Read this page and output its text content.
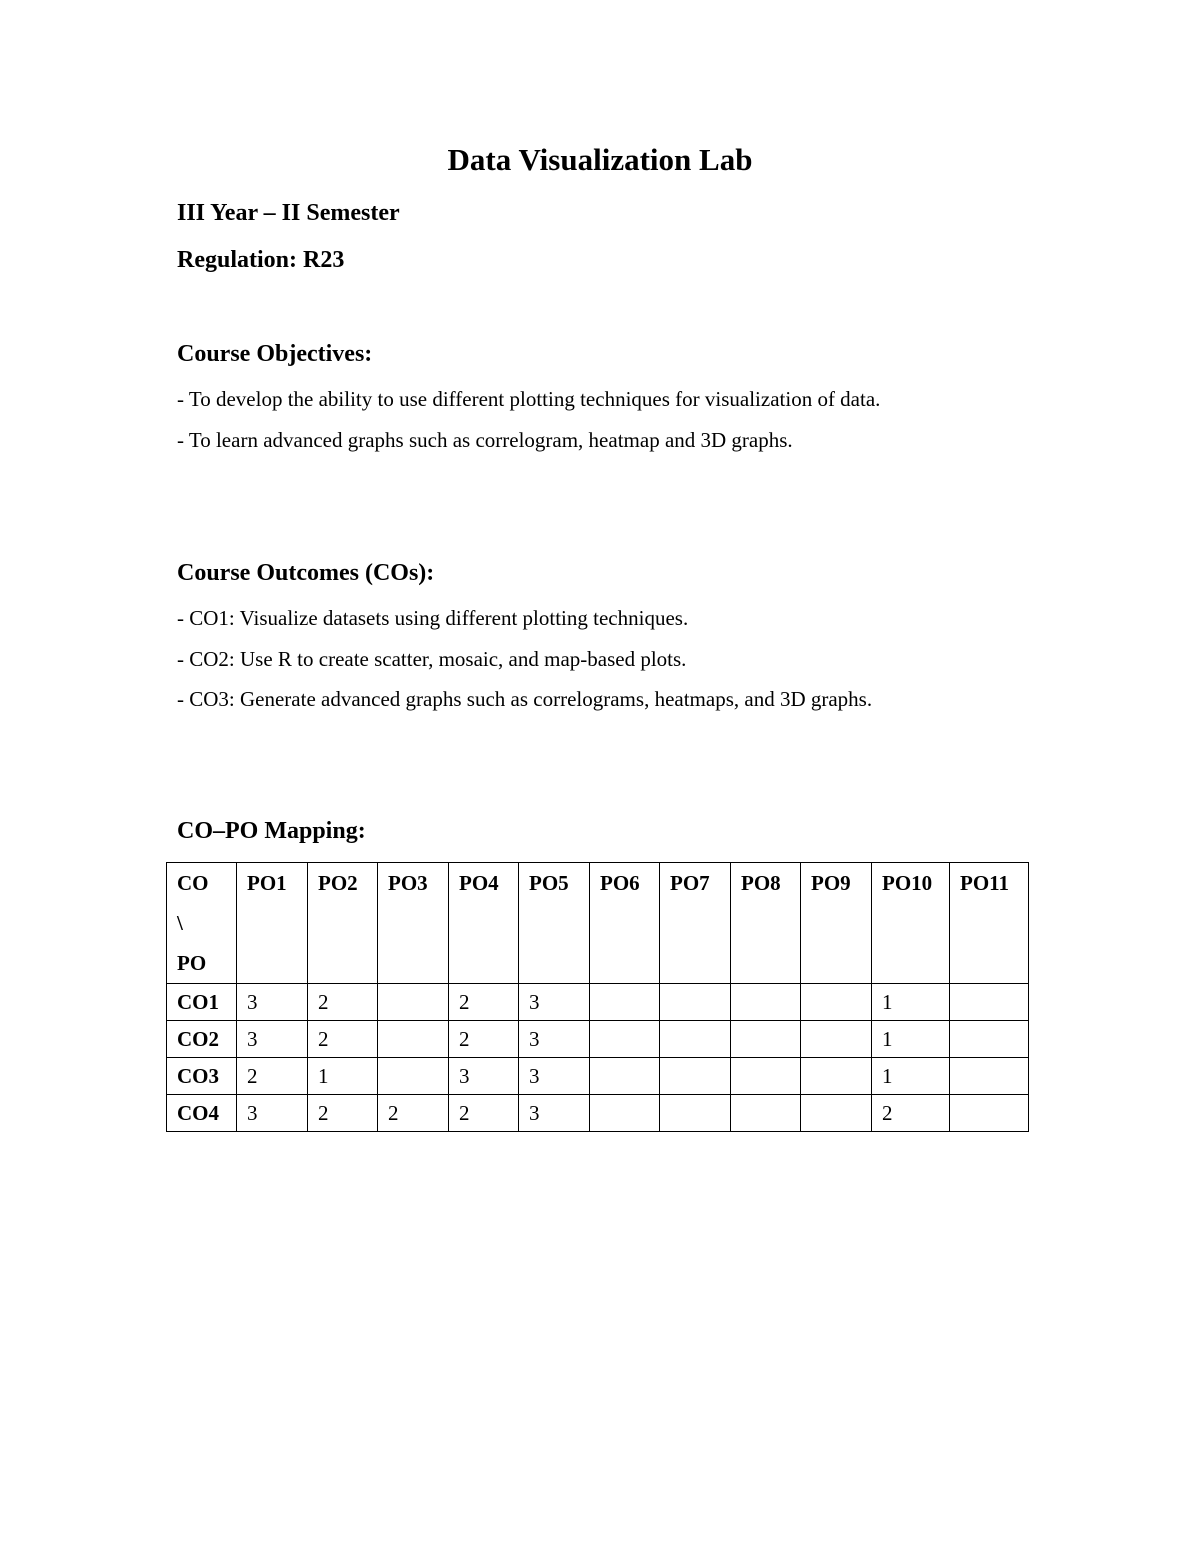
Data Visualization Lab

III Year – II Semester

Regulation: R23

Course Objectives:

- To develop the ability to use different plotting techniques for visualization of data.

- To learn advanced graphs such as correlogram, heatmap and 3D graphs.

Course Outcomes (COs):

- CO1: Visualize datasets using different plotting techniques.

- CO2: Use R to create scatter, mosaic, and map-based plots.

- CO3: Generate advanced graphs such as correlograms, heatmaps, and 3D graphs.

CO–PO Mapping:
CO \ PO	PO1	PO2	PO3	PO4	PO5	PO6	PO7	PO8	PO9	PO10	PO11
CO1	3	2		2	3					1	
CO2	3	2		2	3					1	
CO3	2	1		3	3					1	
CO4	3	2	2	2	3					2	
